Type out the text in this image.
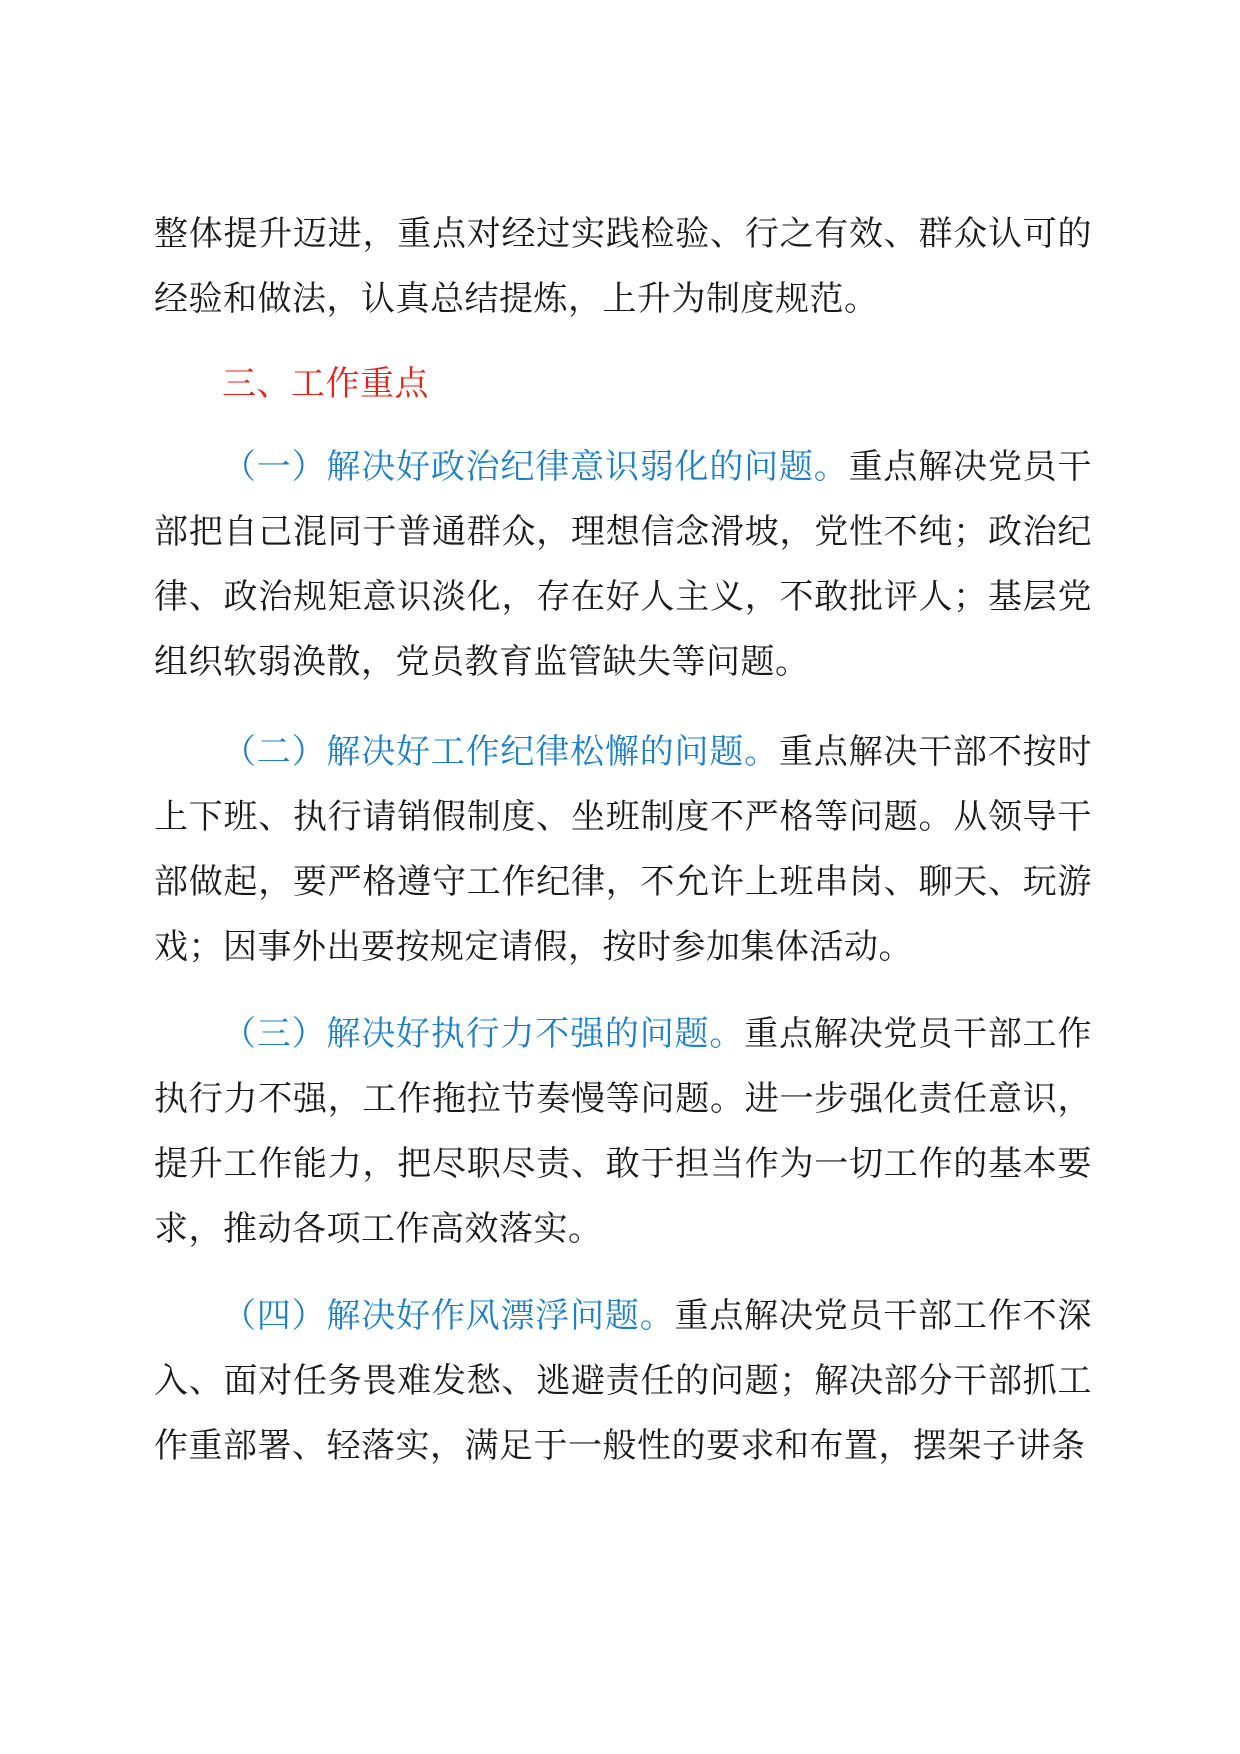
整体提升迈进，重点对经过实践检验、行之有效、群众认可的经验和做法，认真总结提炼，上升为制度规范。

三、工作重点

（一）解决好政治纪律意识弱化的问题。重点解决党员干部把自己混同于普通群众，理想信念滑坡，党性不纯；政治纪律、政治规矩意识淡化，存在好人主义，不敢批评人；基层党组织软弱涣散，党员教育监管缺失等问题。

（二）解决好工作纪律松懈的问题。重点解决干部不按时上下班、执行请销假制度、坐班制度不严格等问题。从领导干部做起，要严格遵守工作纪律，不允许上班串岗、聊天、玩游戏；因事外出要按规定请假，按时参加集体活动。

（三）解决好执行力不强的问题。重点解决党员干部工作执行力不强，工作拖拉节奏慢等问题。进一步强化责任意识，提升工作能力，把尽职尽责、敢于担当作为一切工作的基本要求，推动各项工作高效落实。

（四）解决好作风漂浮问题。重点解决党员干部工作不深入、面对任务畏难发愁、逃避责任的问题；解决部分干部抓工作重部署、轻落实，满足于一般性的要求和布置，摆架子讲条
